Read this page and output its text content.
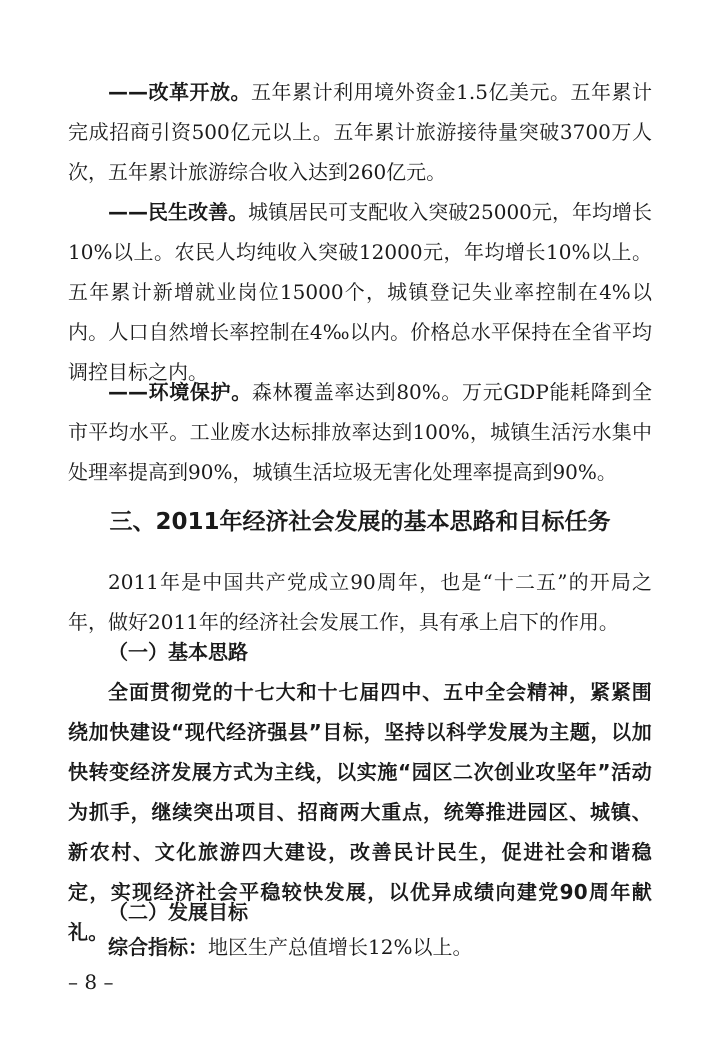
——改革开放。五年累计利用境外资金1.5亿美元。五年累计完成招商引资500亿元以上。五年累计旅游接待量突破3700万人次，五年累计旅游综合收入达到260亿元。

——民生改善。城镇居民可支配收入突破25000元，年均增长10%以上。农民人均纯收入突破12000元，年均增长10%以上。五年累计新增就业岗位15000个，城镇登记失业率控制在4%以内。人口自然增长率控制在4‰以内。价格总水平保持在全省平均调控目标之内。

——环境保护。森林覆盖率达到80%。万元GDP能耗降到全市平均水平。工业废水达标排放率达到100%，城镇生活污水集中处理率提高到90%，城镇生活垃圾无害化处理率提高到90%。

三、2011年经济社会发展的基本思路和目标任务

2011年是中国共产党成立90周年，也是“十二五”的开局之年，做好2011年的经济社会发展工作，具有承上启下的作用。

（一）基本思路

全面贯彻党的十七大和十七届四中、五中全会精神，紧紧围绕加快建设“现代经济强县”目标，坚持以科学发展为主题，以加快转变经济发展方式为主线，以实施“园区二次创业攻坚年”活动为抓手，继续突出项目、招商两大重点，统筹推进园区、城镇、新农村、文化旅游四大建设，改善民计民生，促进社会和谐稳定，实现经济社会平稳较快发展，以优异成绩向建党90周年献礼。

（二）发展目标

综合指标：地区生产总值增长12%以上。

– 8 –
